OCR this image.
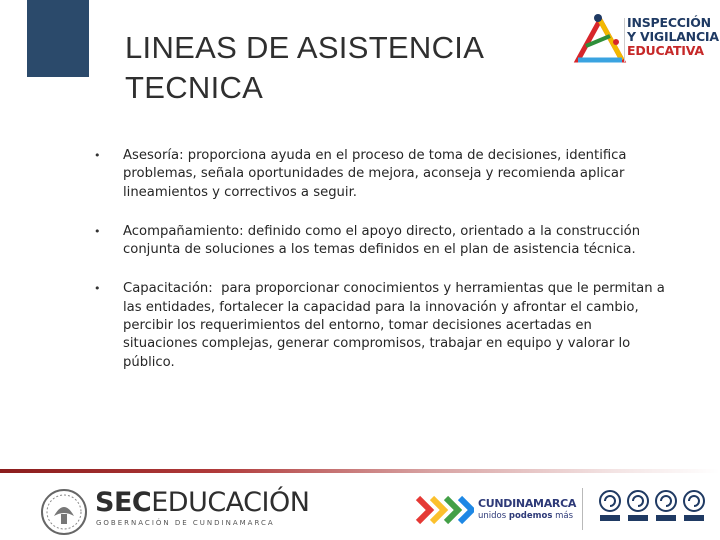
LINEAS DE ASISTENCIA
TECNICA
INSPECCIÓN
Y VIGILANCIA
EDUCATIVA
•	Asesoría: proporciona ayuda en el proceso de toma de decisiones, identifica problemas, señala oportunidades de mejora, aconseja y recomienda aplicar lineamientos y correctivos a seguir.
•	Acompañamiento: definido como el apoyo directo, orientado a la construcción conjunta de soluciones a los temas definidos en el plan de asistencia técnica.
•	Capacitación:  para proporcionar conocimientos y herramientas que le permitan a las entidades, fortalecer la capacidad para la innovación y afrontar el cambio, percibir los requerimientos del entorno, tomar decisiones acertadas en situaciones complejas, generar compromisos, trabajar en equipo y valorar lo público.
SECEDUCACIÓN
GOBERNACIÓN DE CUNDINAMARCA
CUNDINAMARCA
unidos podemos más
